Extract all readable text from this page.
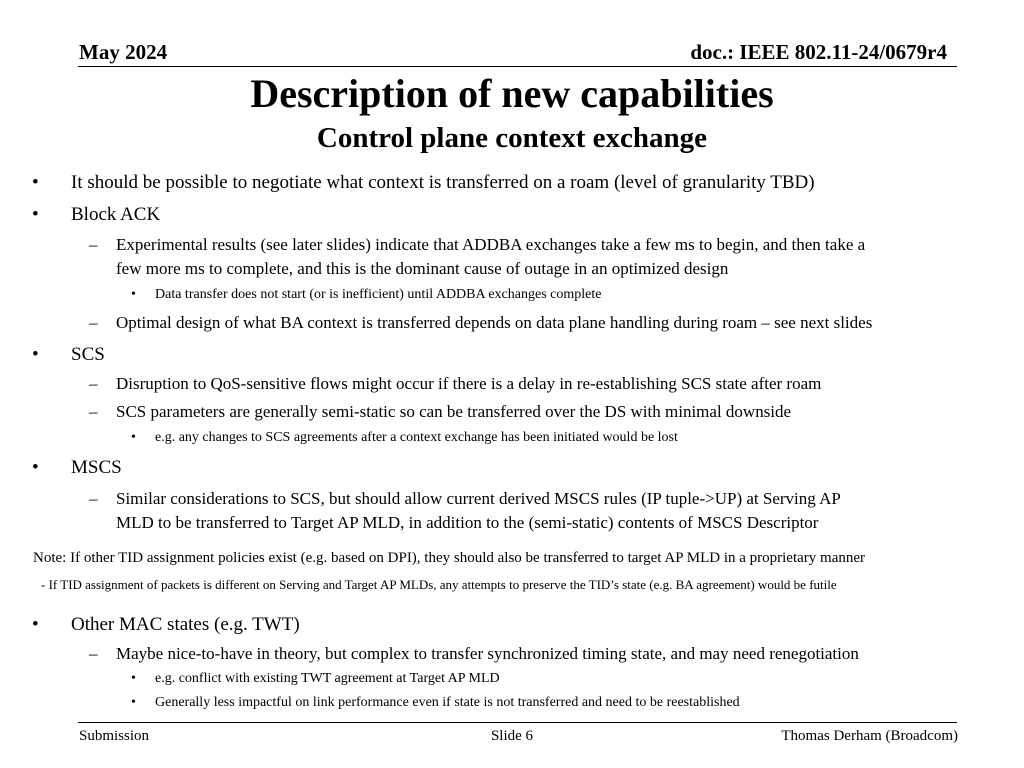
May 2024	doc.: IEEE 802.11-24/0679r4
Description of new capabilities
Control plane context exchange
• It should be possible to negotiate what context is transferred on a roam (level of granularity TBD)
• Block ACK
– Experimental results (see later slides) indicate that ADDBA exchanges take a few ms to begin, and then take a
few more ms to complete, and this is the dominant cause of outage in an optimized design
• Data transfer does not start (or is inefficient) until ADDBA exchanges complete
– Optimal design of what BA context is transferred depends on data plane handling during roam – see next slides
• SCS
– Disruption to QoS-sensitive flows might occur if there is a delay in re-establishing SCS state after roam
– SCS parameters are generally semi-static so can be transferred over the DS with minimal downside
• e.g. any changes to SCS agreements after a context exchange has been initiated would be lost
• MSCS
– Similar considerations to SCS, but should allow current derived MSCS rules (IP tuple->UP) at Serving AP
MLD to be transferred to Target AP MLD, in addition to the (semi-static) contents of MSCS Descriptor
Note: If other TID assignment policies exist (e.g. based on DPI), they should also be transferred to target AP MLD in a proprietary manner
- If TID assignment of packets is different on Serving and Target AP MLDs, any attempts to preserve the TID’s state (e.g. BA agreement) would be futile
• Other MAC states (e.g. TWT)
– Maybe nice-to-have in theory, but complex to transfer synchronized timing state, and may need renegotiation
• e.g. conflict with existing TWT agreement at Target AP MLD
• Generally less impactful on link performance even if state is not transferred and need to be reestablished
Submission	Slide 6	Thomas Derham (Broadcom)
